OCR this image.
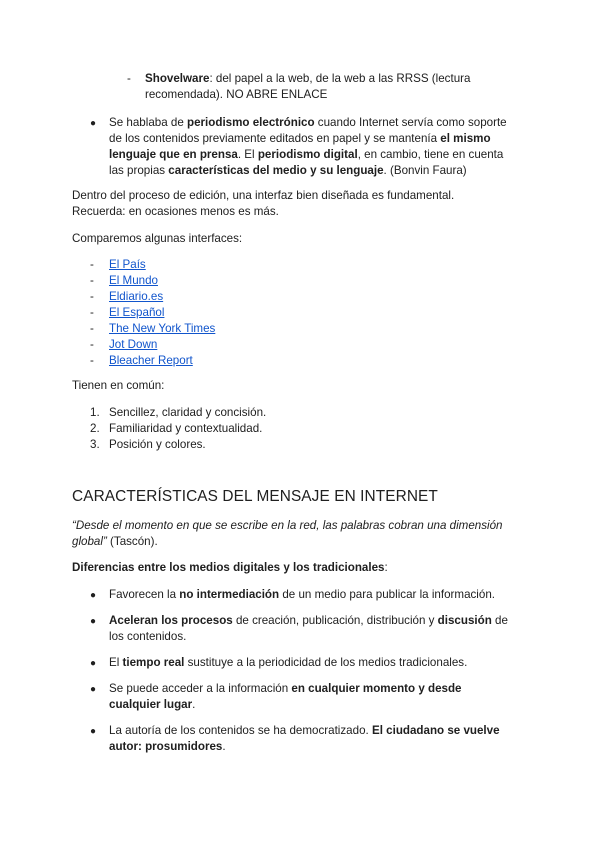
- Shovelware: del papel a la web, de la web a las RRSS (lectura

recomendada). NO ABRE ENLACE

● Se hablaba de periodismo electrónico cuando Internet servía como soporte

de los contenidos previamente editados en papel y se mantenía el mismo

lenguaje que en prensa. El periodismo digital, en cambio, tiene en cuenta

las propias características del medio y su lenguaje. (Bonvin Faura)

Dentro del proceso de edición, una interfaz bien diseñada es fundamental.

Recuerda: en ocasiones menos es más.

Comparemos algunas interfaces:

- El País
- El Mundo
- Eldiario.es
- El Español
- The New York Times
- Jot Down
- Bleacher Report

Tienen en común:

1. Sencillez, claridad y concisión.
2. Familiaridad y contextualidad.
3. Posición y colores.
CARACTERÍSTICAS DEL MENSAJE EN INTERNET

“Desde el momento en que se escribe en la red, las palabras cobran una dimensión

global” (Tascón).

Diferencias entre los medios digitales y los tradicionales:

● Favorecen la no intermediación de un medio para publicar la información.

● Aceleran los procesos de creación, publicación, distribución y discusión de

los contenidos.

● El tiempo real sustituye a la periodicidad de los medios tradicionales.

● Se puede acceder a la información en cualquier momento y desde

cualquier lugar.

● La autoría de los contenidos se ha democratizado. El ciudadano se vuelve

autor: prosumidores.
